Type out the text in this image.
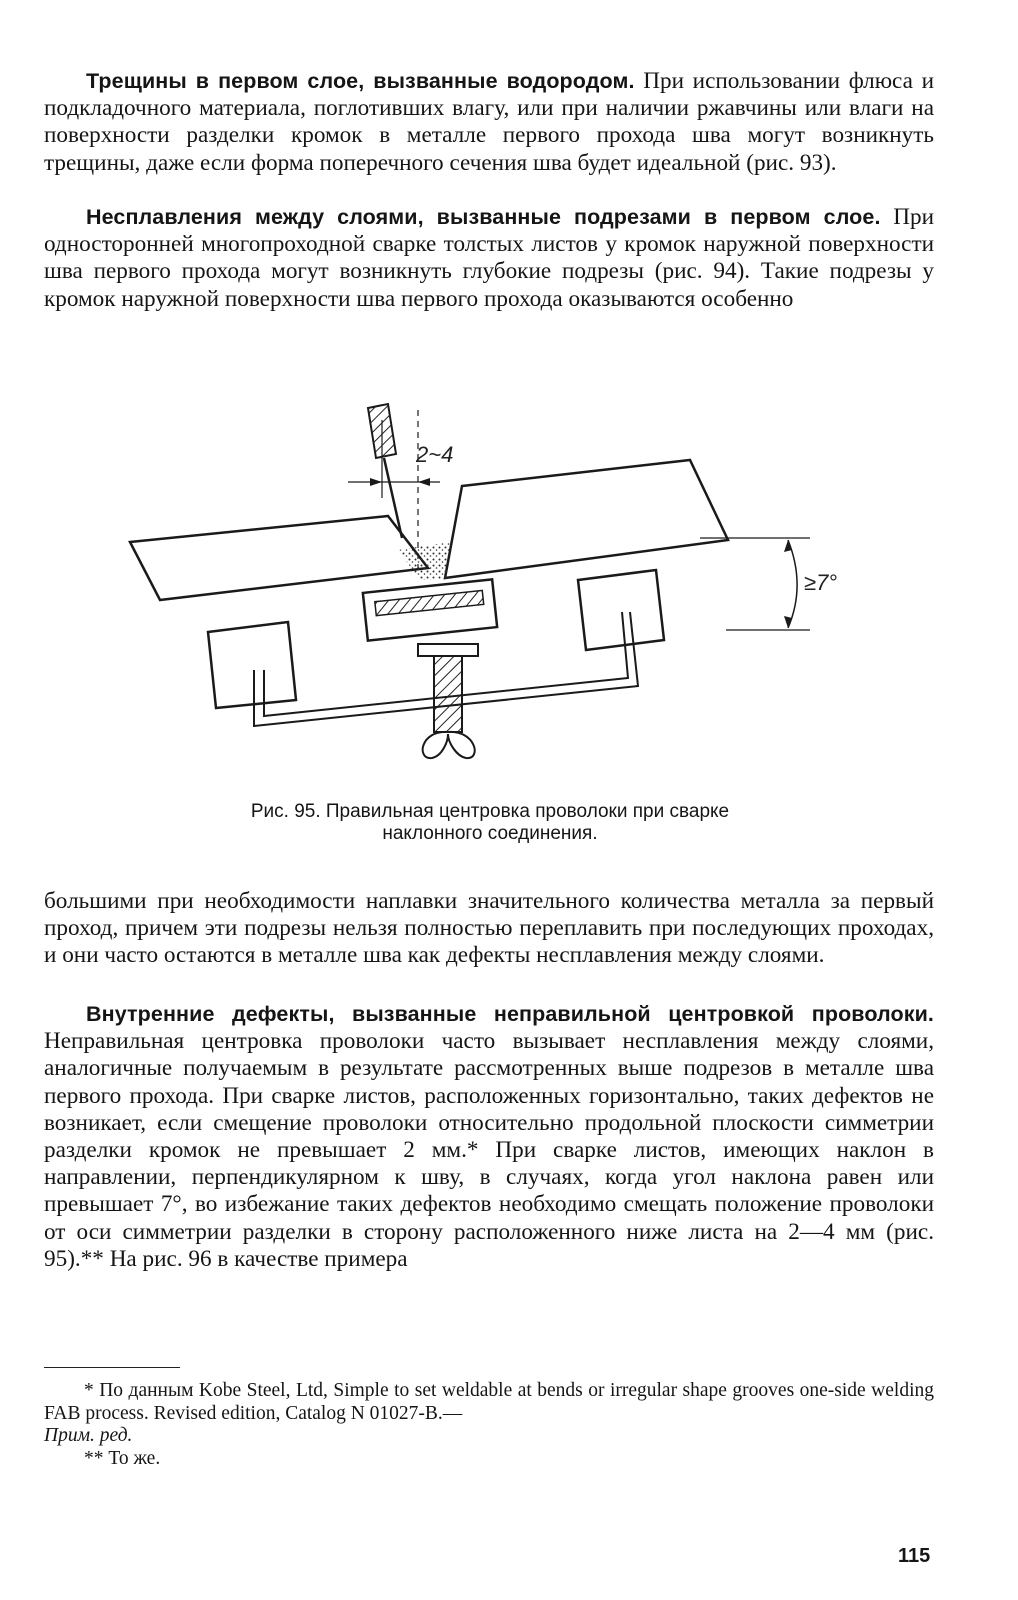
Трещины в первом слое, вызванные водородом. При использовании флюса и подкладочного материала, поглотивших влагу, или при наличии ржавчины или влаги на поверхности разделки кромок в металле первого прохода шва могут возникнуть трещины, даже если форма поперечного сечения шва будет идеальной (рис. 93).

Несплавления между слоями, вызванные подрезами в первом слое. При односторонней многопроходной сварке толстых листов у кромок наружной поверхности шва первого прохода могут возникнуть глубокие подрезы (рис. 94). Такие подрезы у кромок наружной поверхности шва первого прохода оказываются особенно

2~4
≥7°
Рис. 95. Правильная центровка проволоки при сварке
наклонного соединения.

большими при необходимости наплавки значительного количества металла за первый проход, причем эти подрезы нельзя полностью переплавить при последующих проходах, и они часто остаются в металле шва как дефекты несплавления между слоями.

Внутренние дефекты, вызванные неправильной центровкой проволоки. Неправильная центровка проволоки часто вызывает несплавления между слоями, аналогичные получаемым в результате рассмотренных выше подрезов в металле шва первого прохода. При сварке листов, расположенных горизонтально, таких дефектов не возникает, если смещение проволоки относительно продольной плоскости симметрии разделки кромок не превышает 2 мм.* При сварке листов, имеющих наклон в направлении, перпендикулярном к шву, в случаях, когда угол наклона равен или превышает 7°, во избежание таких дефектов необходимо смещать положение проволоки от оси симметрии разделки в сторону расположенного ниже листа на 2—4 мм (рис. 95).** На рис. 96 в качестве примера

* По данным Kobe Steel, Ltd, Simple to set weldable at bends or irregular shape grooves one-side welding FAB process. Revised edition, Catalog N 01027-B.—
Прим. ред.

** То же.

115
